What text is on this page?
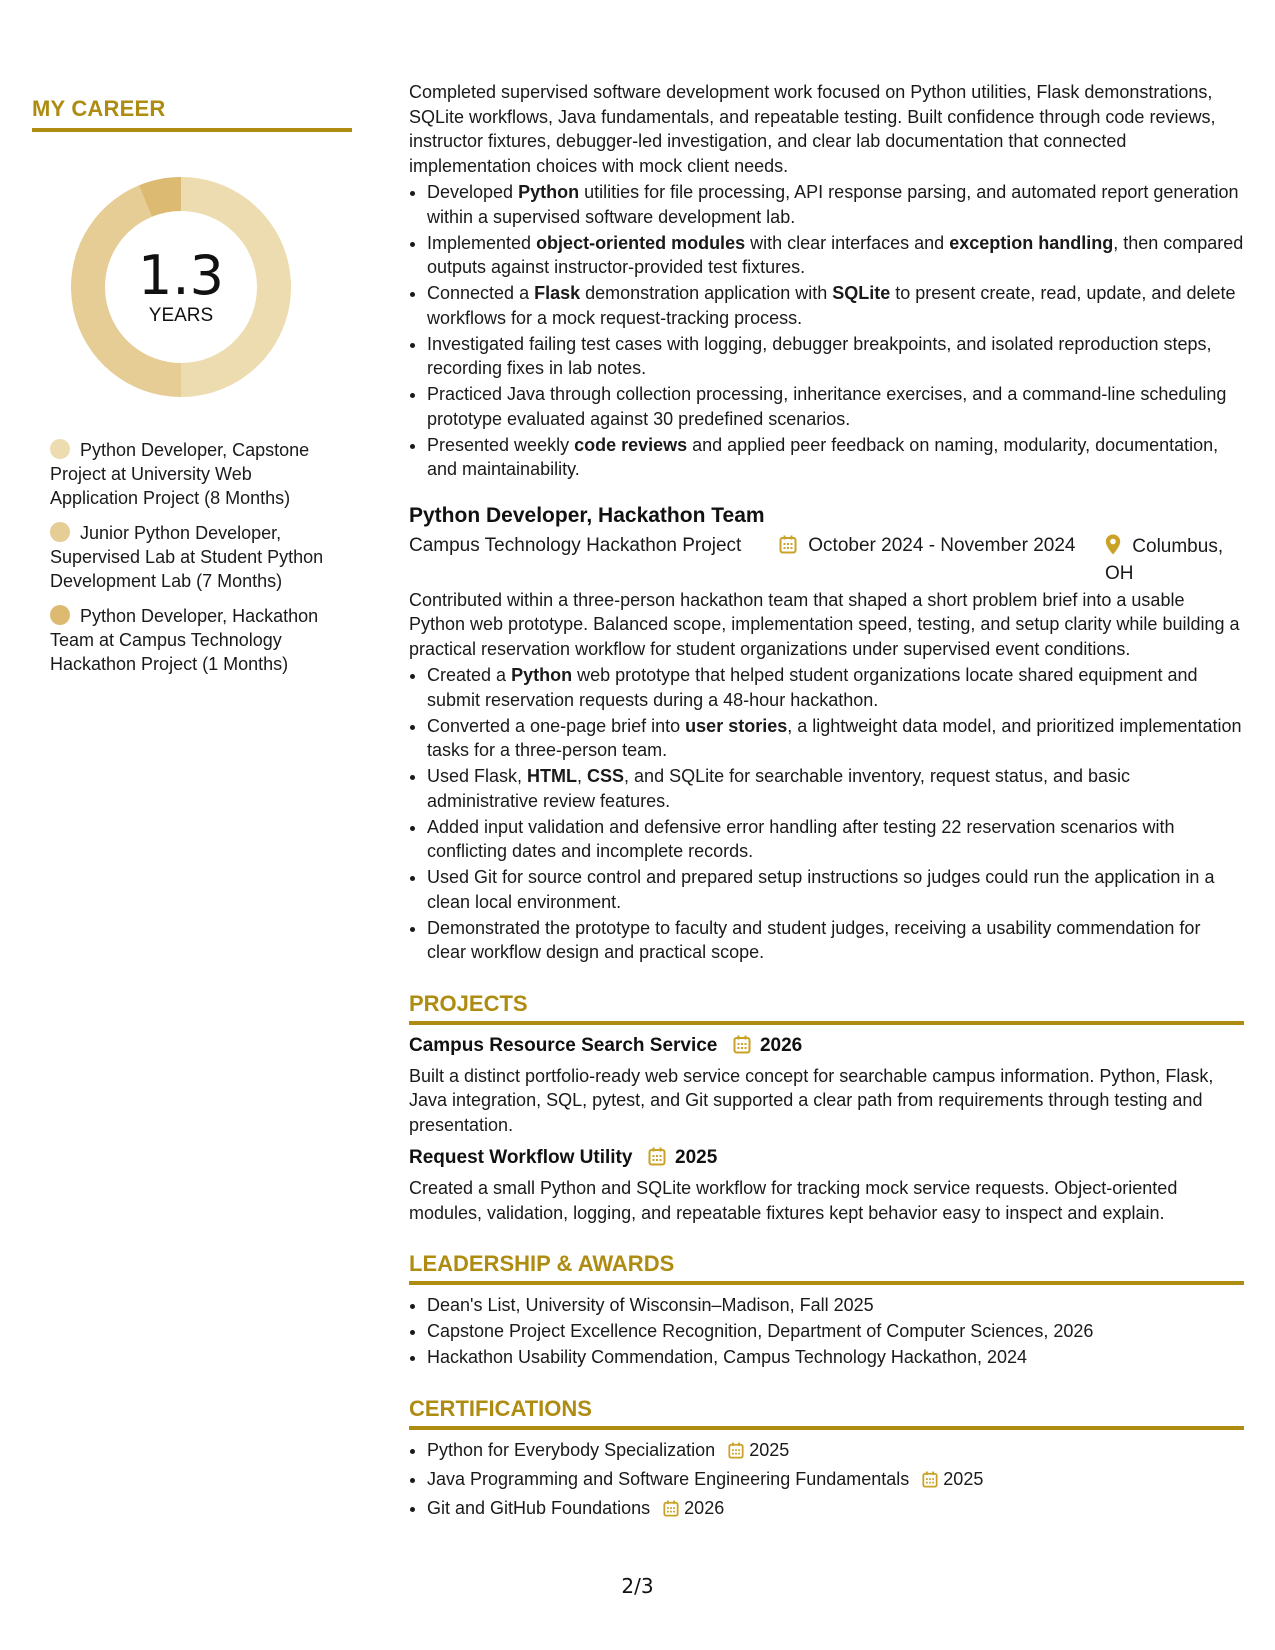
MY CAREER
1.3
YEARS
Python Developer, Capstone Project at University Web Application Project (8 Months)
Junior Python Developer, Supervised Lab at Student Python Development Lab (7 Months)
Python Developer, Hackathon Team at Campus Technology Hackathon Project (1 Months)

Completed supervised software development work focused on Python utilities, Flask demonstrations, SQLite workflows, Java fundamentals, and repeatable testing. Built confidence through code reviews, instructor fixtures, debugger-led investigation, and clear lab documentation that connected implementation choices with mock client needs.

• Developed Python utilities for file processing, API response parsing, and automated report generation within a supervised software development lab.
• Implemented object-oriented modules with clear interfaces and exception handling, then compared outputs against instructor-provided test fixtures.
• Connected a Flask demonstration application with SQLite to present create, read, update, and delete workflows for a mock request-tracking process.
• Investigated failing test cases with logging, debugger breakpoints, and isolated reproduction steps, recording fixes in lab notes.
• Practiced Java through collection processing, inheritance exercises, and a command-line scheduling prototype evaluated against 30 predefined scenarios.
• Presented weekly code reviews and applied peer feedback on naming, modularity, documentation, and maintainability.
Python Developer, Hackathon Team
Campus Technology Hackathon Project	October 2024 - November 2024	Columbus, OH

Contributed within a three-person hackathon team that shaped a short problem brief into a usable Python web prototype. Balanced scope, implementation speed, testing, and setup clarity while building a practical reservation workflow for student organizations under supervised event conditions.

• Created a Python web prototype that helped student organizations locate shared equipment and submit reservation requests during a 48-hour hackathon.
• Converted a one-page brief into user stories, a lightweight data model, and prioritized implementation tasks for a three-person team.
• Used Flask, HTML, CSS, and SQLite for searchable inventory, request status, and basic administrative review features.
• Added input validation and defensive error handling after testing 22 reservation scenarios with conflicting dates and incomplete records.
• Used Git for source control and prepared setup instructions so judges could run the application in a clean local environment.
• Demonstrated the prototype to faculty and student judges, receiving a usability commendation for clear workflow design and practical scope.
PROJECTS
Campus Resource Search Service 2026

Built a distinct portfolio-ready web service concept for searchable campus information. Python, Flask, Java integration, SQL, pytest, and Git supported a clear path from requirements through testing and presentation.

Request Workflow Utility 2025

Created a small Python and SQLite workflow for tracking mock service requests. Object-oriented modules, validation, logging, and repeatable fixtures kept behavior easy to inspect and explain.

LEADERSHIP & AWARDS
• Dean's List, University of Wisconsin–Madison, Fall 2025
• Capstone Project Excellence Recognition, Department of Computer Sciences, 2026
• Hackathon Usability Commendation, Campus Technology Hackathon, 2024
CERTIFICATIONS
• Python for Everybody Specialization 2025
• Java Programming and Software Engineering Fundamentals 2025
• Git and GitHub Foundations 2026
2/3
